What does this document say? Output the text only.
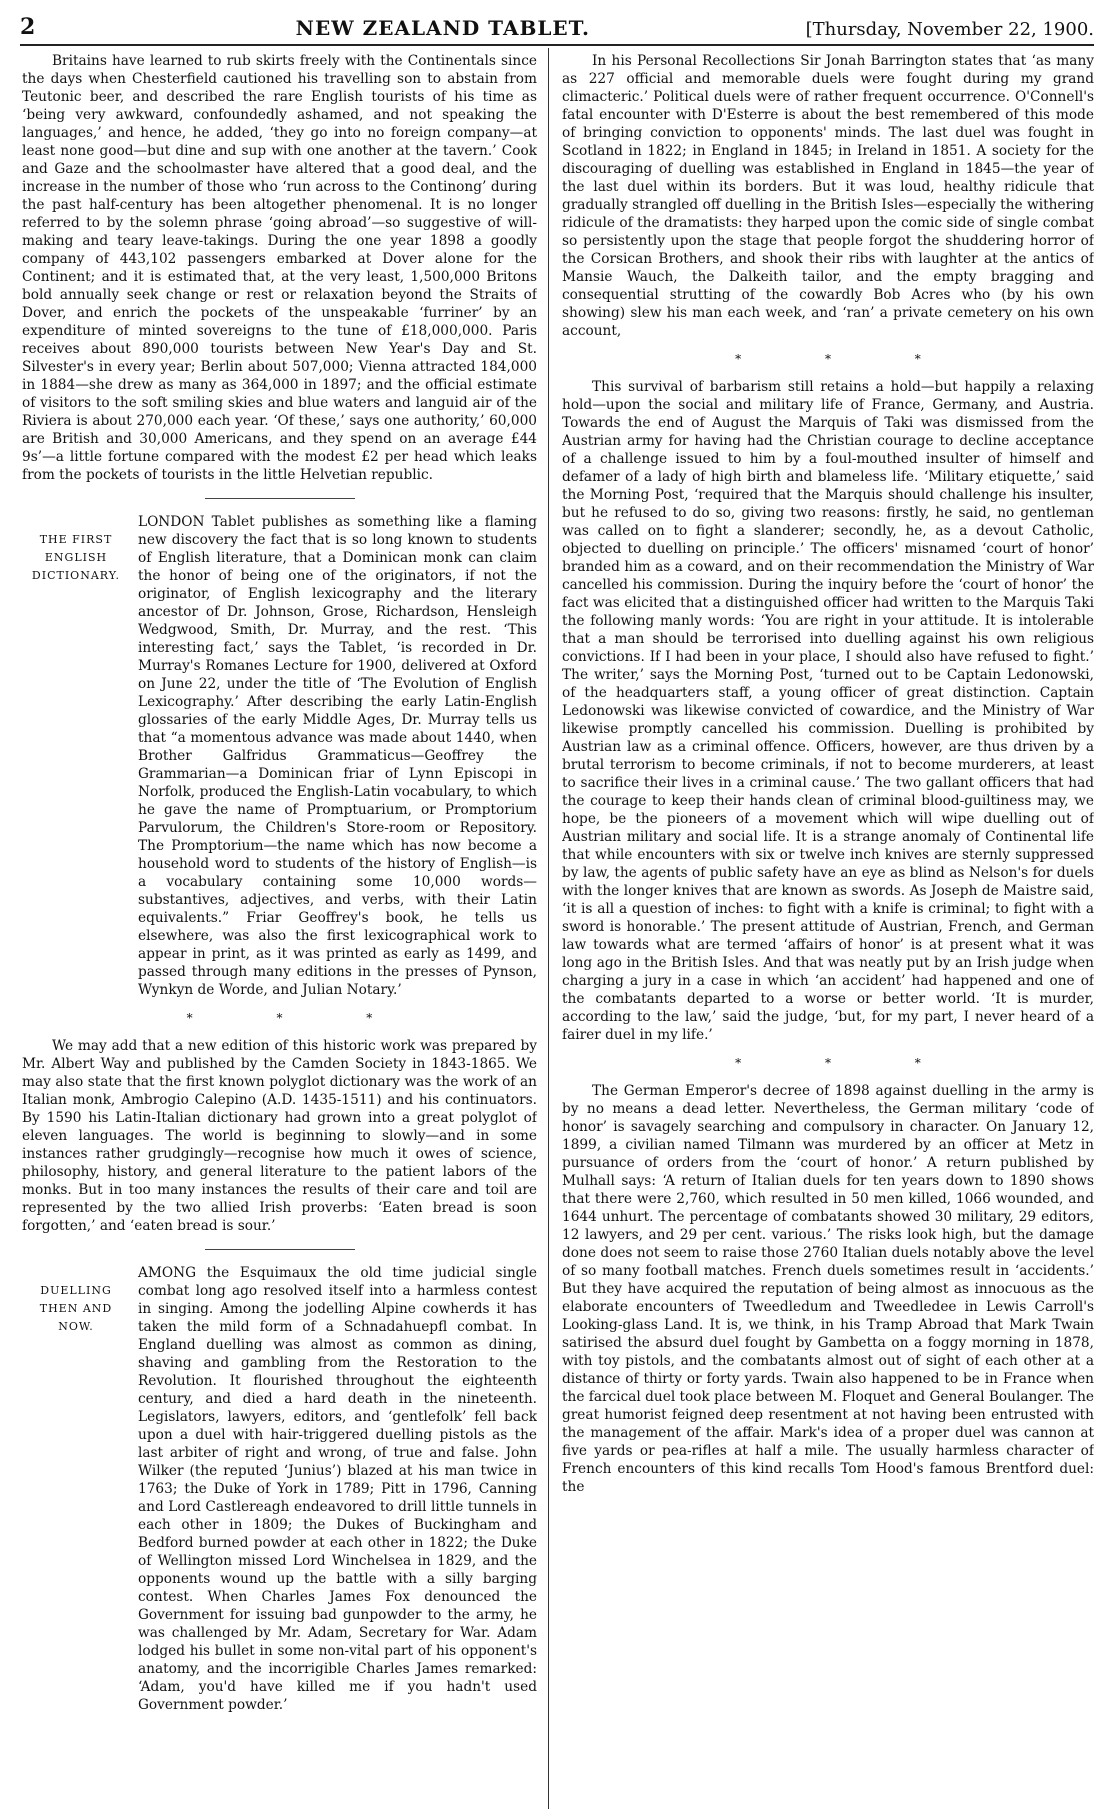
2	NEW ZEALAND TABLET.	[Thursday, November 22, 1900.

Britains have learned to rub skirts freely with the Continentals since the days when Chesterfield cautioned his travelling son to abstain from Teutonic beer, and described the rare English tourists of his time as ‘being very awkward, confoundedly ashamed, and not speaking the languages,’ and hence, he added, ‘they go into no foreign company—at least none good—but dine and sup with one another at the tavern.’ Cook and Gaze and the schoolmaster have altered that a good deal, and the increase in the number of those who ‘run across to the Continong’ during the past half-century has been altogether phenomenal. It is no longer referred to by the solemn phrase ‘going abroad’—so suggestive of will-making and teary leave-takings. During the one year 1898 a goodly company of 443,102 passengers embarked at Dover alone for the Continent; and it is estimated that, at the very least, 1,500,000 Britons bold annually seek change or rest or relaxation beyond the Straits of Dover, and enrich the pockets of the unspeakable ‘furriner’ by an expenditure of minted sovereigns to the tune of £18,000,000. Paris receives about 890,000 tourists between New Year's Day and St. Silvester's in every year; Berlin about 507,000; Vienna attracted 184,000 in 1884—she drew as many as 364,000 in 1897; and the official estimate of visitors to the soft smiling skies and blue waters and languid air of the Riviera is about 270,000 each year. ‘Of these,’ says one authority,’ 60,000 are British and 30,000 Americans, and they spend on an average £44 9s’—a little fortune compared with the modest £2 per head which leaks from the pockets of tourists in the little Helvetian republic.

THE FIRST ENGLISH DICTIONARY.

LONDON Tablet publishes as something like a flaming new discovery the fact that is so long known to students of English literature, that a Dominican monk can claim the honor of being one of the originators, if not the originator, of English lexicography and the literary ancestor of Dr. Johnson, Grose, Richardson, Hensleigh Wedgwood, Smith, Dr. Murray, and the rest. ‘This interesting fact,’ says the Tablet, ‘is recorded in Dr. Murray's Romanes Lecture for 1900, delivered at Oxford on June 22, under the title of ‘The Evolution of English Lexicography.’ After describing the early Latin-English glossaries of the early Middle Ages, Dr. Murray tells us that “a momentous advance was made about 1440, when Brother Galfridus Grammaticus—Geoffrey the Grammarian—a Dominican friar of Lynn Episcopi in Norfolk, produced the English-Latin vocabulary, to which he gave the name of Promptuarium, or Promptorium Parvulorum, the Children's Store-room or Repository. The Promptorium—the name which has now become a household word to students of the history of English—is a vocabulary containing some 10,000 words—substantives, adjectives, and verbs, with their Latin equivalents.” Friar Geoffrey's book, he tells us elsewhere, was also the first lexicographical work to appear in print, as it was printed as early as 1499, and passed through many editions in the presses of Pynson, Wynkyn de Worde, and Julian Notary.’

* * *

We may add that a new edition of this historic work was prepared by Mr. Albert Way and published by the Camden Society in 1843-1865. We may also state that the first known polyglot dictionary was the work of an Italian monk, Ambrogio Calepino (A.D. 1435-1511) and his continuators. By 1590 his Latin-Italian dictionary had grown into a great polyglot of eleven languages. The world is beginning to slowly—and in some instances rather grudgingly—recognise how much it owes of science, philosophy, history, and general literature to the patient labors of the monks. But in too many instances the results of their care and toil are represented by the two allied Irish proverbs: ‘Eaten bread is soon forgotten,’ and ‘eaten bread is sour.’

DUELLING THEN AND NOW.

AMONG the Esquimaux the old time judicial single combat long ago resolved itself into a harmless contest in singing. Among the jodelling Alpine cowherds it has taken the mild form of a Schnadahuepfl combat. In England duelling was almost as common as dining, shaving and gambling from the Restoration to the Revolution. It flourished throughout the eighteenth century, and died a hard death in the nineteenth. Legislators, lawyers, editors, and ‘gentlefolk’ fell back upon a duel with hair-triggered duelling pistols as the last arbiter of right and wrong, of true and false. John Wilker (the reputed ‘Junius’) blazed at his man twice in 1763; the Duke of York in 1789; Pitt in 1796, Canning and Lord Castlereagh endeavored to drill little tunnels in each other in 1809; the Dukes of Buckingham and Bedford burned powder at each other in 1822; the Duke of Wellington missed Lord Winchelsea in 1829, and the opponents wound up the battle with a silly barging contest. When Charles James Fox denounced the Government for issuing bad gunpowder to the army, he was challenged by Mr. Adam, Secretary for War. Adam lodged his bullet in some non-vital part of his opponent's anatomy, and the incorrigible Charles James remarked: ‘Adam, you'd have killed me if you hadn't used Government powder.’

In his Personal Recollections Sir Jonah Barrington states that ‘as many as 227 official and memorable duels were fought during my grand climacteric.’ Political duels were of rather frequent occurrence. O'Connell's fatal encounter with D'Esterre is about the best remembered of this mode of bringing conviction to opponents' minds. The last duel was fought in Scotland in 1822; in England in 1845; in Ireland in 1851. A society for the discouraging of duelling was established in England in 1845—the year of the last duel within its borders. But it was loud, healthy ridicule that gradually strangled off duelling in the British Isles—especially the withering ridicule of the dramatists: they harped upon the comic side of single combat so persistently upon the stage that people forgot the shuddering horror of the Corsican Brothers, and shook their ribs with laughter at the antics of Mansie Wauch, the Dalkeith tailor, and the empty bragging and consequential strutting of the cowardly Bob Acres who (by his own showing) slew his man each week, and ‘ran’ a private cemetery on his own account,

* * *

This survival of barbarism still retains a hold—but happily a relaxing hold—upon the social and military life of France, Germany, and Austria. Towards the end of August the Marquis of Taki was dismissed from the Austrian army for having had the Christian courage to decline acceptance of a challenge issued to him by a foul-mouthed insulter of himself and defamer of a lady of high birth and blameless life. ‘Military etiquette,’ said the Morning Post, ‘required that the Marquis should challenge his insulter, but he refused to do so, giving two reasons: firstly, he said, no gentleman was called on to fight a slanderer; secondly, he, as a devout Catholic, objected to duelling on principle.’ The officers' misnamed ‘court of honor’ branded him as a coward, and on their recommendation the Ministry of War cancelled his commission. During the inquiry before the ‘court of honor’ the fact was elicited that a distinguished officer had written to the Marquis Taki the following manly words: ‘You are right in your attitude. It is intolerable that a man should be terrorised into duelling against his own religious convictions. If I had been in your place, I should also have refused to fight.’ The writer,’ says the Morning Post, ‘turned out to be Captain Ledonowski, of the headquarters staff, a young officer of great distinction. Captain Ledonowski was likewise convicted of cowardice, and the Ministry of War likewise promptly cancelled his commission. Duelling is prohibited by Austrian law as a criminal offence. Officers, however, are thus driven by a brutal terrorism to become criminals, if not to become murderers, at least to sacrifice their lives in a criminal cause.’ The two gallant officers that had the courage to keep their hands clean of criminal blood-guiltiness may, we hope, be the pioneers of a movement which will wipe duelling out of Austrian military and social life. It is a strange anomaly of Continental life that while encounters with six or twelve inch knives are sternly suppressed by law, the agents of public safety have an eye as blind as Nelson's for duels with the longer knives that are known as swords. As Joseph de Maistre said, ‘it is all a question of inches: to fight with a knife is criminal; to fight with a sword is honorable.’ The present attitude of Austrian, French, and German law towards what are termed ‘affairs of honor’ is at present what it was long ago in the British Isles. And that was neatly put by an Irish judge when charging a jury in a case in which ‘an accident’ had happened and one of the combatants departed to a worse or better world. ‘It is murder, according to the law,’ said the judge, ‘but, for my part, I never heard of a fairer duel in my life.’

* * *

The German Emperor's decree of 1898 against duelling in the army is by no means a dead letter. Nevertheless, the German military ‘code of honor’ is savagely searching and compulsory in character. On January 12, 1899, a civilian named Tilmann was murdered by an officer at Metz in pursuance of orders from the ‘court of honor.’ A return published by Mulhall says: ‘A return of Italian duels for ten years down to 1890 shows that there were 2,760, which resulted in 50 men killed, 1066 wounded, and 1644 unhurt. The percentage of combatants showed 30 military, 29 editors, 12 lawyers, and 29 per cent. various.’ The risks look high, but the damage done does not seem to raise those 2760 Italian duels notably above the level of so many football matches. French duels sometimes result in ‘accidents.’ But they have acquired the reputation of being almost as innocuous as the elaborate encounters of Tweedledum and Tweedledee in Lewis Carroll's Looking-glass Land. It is, we think, in his Tramp Abroad that Mark Twain satirised the absurd duel fought by Gambetta on a foggy morning in 1878, with toy pistols, and the combatants almost out of sight of each other at a distance of thirty or forty yards. Twain also happened to be in France when the farcical duel took place between M. Floquet and General Boulanger. The great humorist feigned deep resentment at not having been entrusted with the management of the affair. Mark's idea of a proper duel was cannon at five yards or pea-rifles at half a mile. The usually harmless character of French encounters of this kind recalls Tom Hood's famous Brentford duel: the
